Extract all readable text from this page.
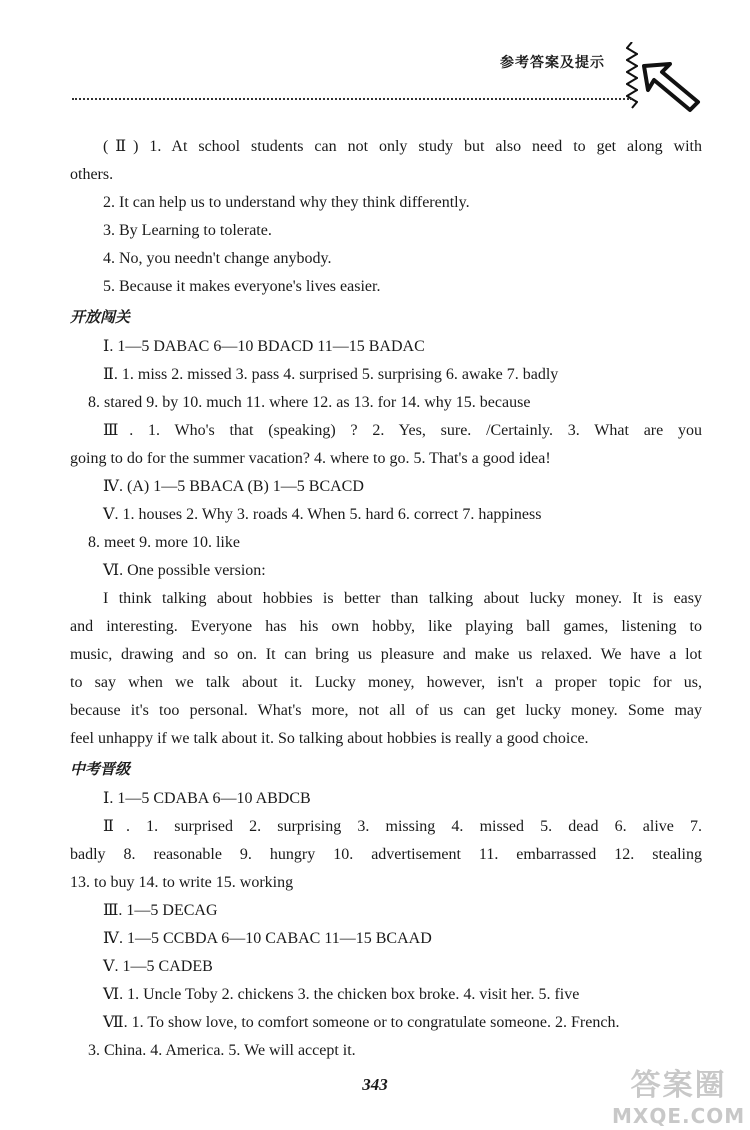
参考答案及提示

(Ⅱ) 1. At school students can not only study but also need to get along with

others.

2. It can help us to understand why they think differently.

3. By Learning to tolerate.

4. No, you needn't change anybody.

5. Because it makes everyone's lives easier.

开放闯关

Ⅰ. 1—5 DABAC 6—10 BDACD 11—15 BADAC

Ⅱ. 1. miss 2. missed 3. pass 4. surprised 5. surprising 6. awake 7. badly

8. stared 9. by 10. much 11. where 12. as 13. for 14. why 15. because

Ⅲ. 1. Who's that (speaking) ? 2. Yes, sure. /Certainly. 3. What are you

going to do for the summer vacation? 4. where to go. 5. That's a good idea!

Ⅳ. (A) 1—5 BBACA (B) 1—5 BCACD

Ⅴ. 1. houses 2. Why 3. roads 4. When 5. hard 6. correct 7. happiness

8. meet 9. more 10. like

Ⅵ. One possible version:

I think talking about hobbies is better than talking about lucky money. It is easy

and interesting. Everyone has his own hobby, like playing ball games, listening to

music, drawing and so on. It can bring us pleasure and make us relaxed. We have a lot

to say when we talk about it. Lucky money, however, isn't a proper topic for us,

because it's too personal. What's more, not all of us can get lucky money. Some may

feel unhappy if we talk about it. So talking about hobbies is really a good choice.

中考晋级

Ⅰ. 1—5 CDABA 6—10 ABDCB

Ⅱ. 1. surprised 2. surprising 3. missing 4. missed 5. dead 6. alive 7.

badly 8. reasonable 9. hungry 10. advertisement 11. embarrassed 12. stealing

13. to buy 14. to write 15. working

Ⅲ. 1—5 DECAG

Ⅳ. 1—5 CCBDA 6—10 CABAC 11—15 BCAAD

Ⅴ. 1—5 CADEB

Ⅵ. 1. Uncle Toby 2. chickens 3. the chicken box broke. 4. visit her. 5. five

Ⅶ. 1. To show love, to comfort someone or to congratulate someone. 2. French.

3. China. 4. America. 5. We will accept it.

343	答案圈
MXQE.COM
